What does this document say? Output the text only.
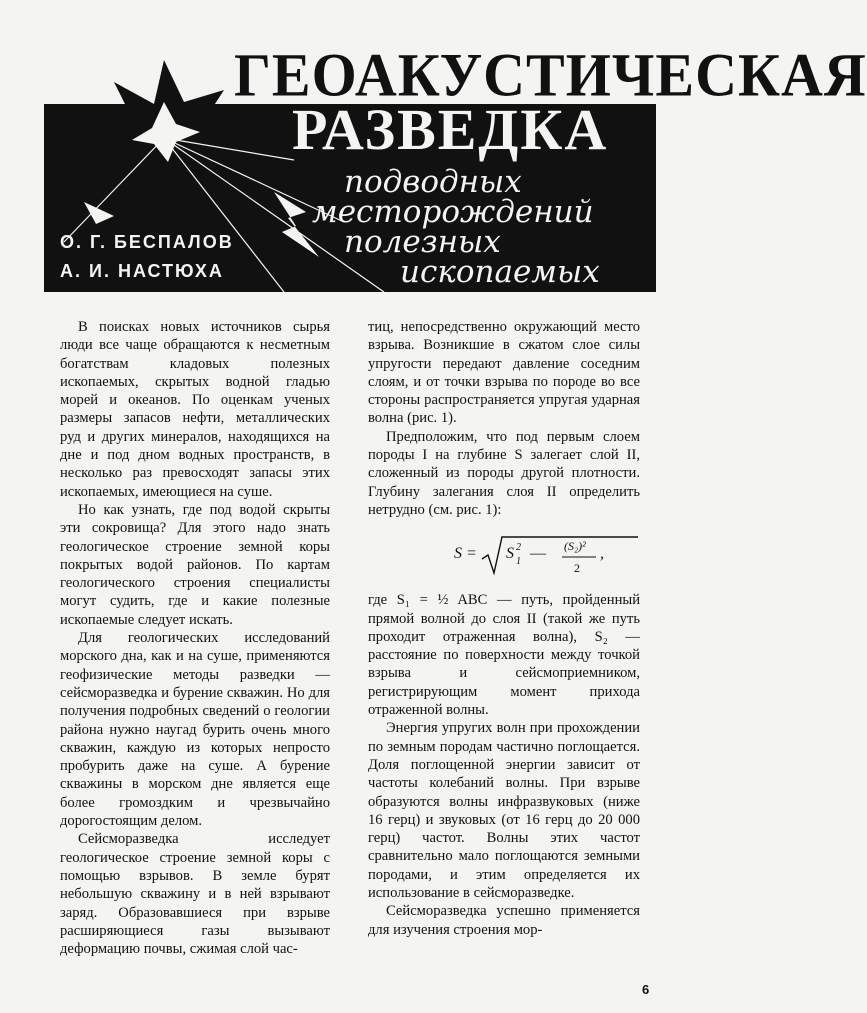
ГЕОАКУСТИЧЕСКАЯ
РАЗВЕДКА
подводных
месторождений
полезных
ископаемых
О. Г. БЕСПАЛОВ
А. И. НАСТЮХА

В поисках новых источников сырья люди все чаще обращаются к несметным богатствам кладовых полезных ископаемых, скрытых водной гладью морей и океанов. По оценкам ученых размеры запасов нефти, металлических руд и других минералов, находящихся на дне и под дном водных пространств, в несколько раз превосходят запасы этих ископаемых, имеющиеся на суше.

Но как узнать, где под водой скрыты эти сокровища? Для этого надо знать геологическое строение земной коры покрытых водой районов. По картам геологического строения специалисты могут судить, где и какие полезные ископаемые следует искать.

Для геологических исследований морского дна, как и на суше, применяются геофизические методы разведки — сейсморазведка и бурение скважин. Но для получения подробных сведений о геологии района нужно наугад бурить очень много скважин, каждую из которых непросто пробурить даже на суше. А бурение скважины в морском дне является еще более громоздким и чрезвычайно дорогостоящим делом.

Сейсморазведка исследует геологическое строение земной коры с помощью взрывов. В земле бурят небольшую скважину и в ней взрывают заряд. Образовавшиеся при взрыве расширяющиеся газы вызывают деформацию почвы, сжимая слой час-

тиц, непосредственно окружающий место взрыва. Возникшие в сжатом слое силы упругости передают давление соседним слоям, и от точки взрыва по породе во все стороны распространяется упругая ударная волна (рис. 1).

Предположим, что под первым слоем породы I на глубине S залегает слой II, сложенный из породы другой плотности. Глубину залегания слоя II определить нетрудно (см. рис. 1):

S = S 1
2 — (S₂)²
2
,

где S₁ = ½ ABC — путь, пройденный прямой волной до слоя II (такой же путь проходит отраженная волна), S₂ — расстояние по поверхности между точкой взрыва и сейсмоприемником, регистрирующим момент прихода отраженной волны.

Энергия упругих волн при прохождении по земным породам частично поглощается. Доля поглощенной энергии зависит от частоты колебаний волны. При взрыве образуются волны инфразвуковых (ниже 16 герц) и звуковых (от 16 герц до 20 000 герц) частот. Волны этих частот сравнительно мало поглощаются земными породами, и этим определяется их использование в сейсморазведке.

Сейсморазведка успешно применяется для изучения строения мор-

6
